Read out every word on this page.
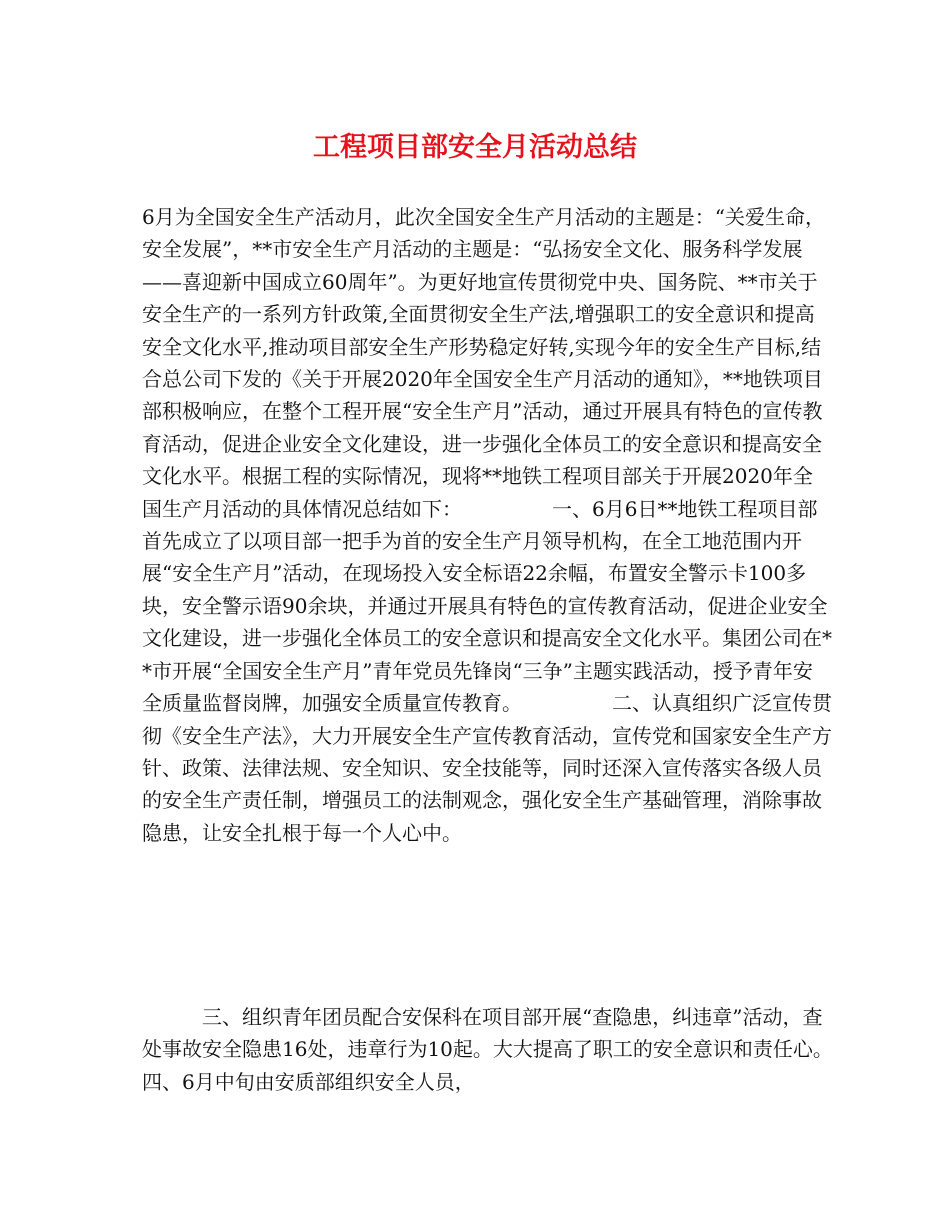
工程项目部安全月活动总结

6月为全国安全生产活动月，此次全国安全生产月活动的主题是：“关爱生命，安全发展”，**市安全生产月活动的主题是：“弘扬安全文化、服务科学发展——喜迎新中国成立60周年”。为更好地宣传贯彻党中央、国务院、**市关于安全生产的一系列方针政策,全面贯彻安全生产法,增强职工的安全意识和提高安全文化水平,推动项目部安全生产形势稳定好转,实现今年的安全生产目标,结合总公司下发的《关于开展2020年全国安全生产月活动的通知》，**地铁项目部积极响应，在整个工程开展“安全生产月”活动，通过开展具有特色的宣传教育活动，促进企业安全文化建设，进一步强化全体员工的安全意识和提高安全文化水平。根据工程的实际情况，现将**地铁工程项目部关于开展2020年全国生产月活动的具体情况总结如下：　　　　　一、6月6日**地铁工程项目部首先成立了以项目部一把手为首的安全生产月领导机构，在全工地范围内开展“安全生产月”活动，在现场投入安全标语22余幅，布置安全警示卡100多块，安全警示语90余块，并通过开展具有特色的宣传教育活动，促进企业安全文化建设，进一步强化全体员工的安全意识和提高安全文化水平。集团公司在**市开展“全国安全生产月”青年党员先锋岗“三争”主题实践活动，授予青年安全质量监督岗牌，加强安全质量宣传教育。　　　　　二、认真组织广泛宣传贯彻《安全生产法》，大力开展安全生产宣传教育活动，宣传党和国家安全生产方针、政策、法律法规、安全知识、安全技能等，同时还深入宣传落实各级人员的安全生产责任制，增强员工的法制观念，强化安全生产基础管理，消除事故隐患，让安全扎根于每一个人心中。

　　　三、组织青年团员配合安保科在项目部开展“查隐患，纠违章”活动，查处事故安全隐患16处，违章行为10起。大大提高了职工的安全意识和责任心。　　　　四、6月中旬由安质部组织安全人员，
